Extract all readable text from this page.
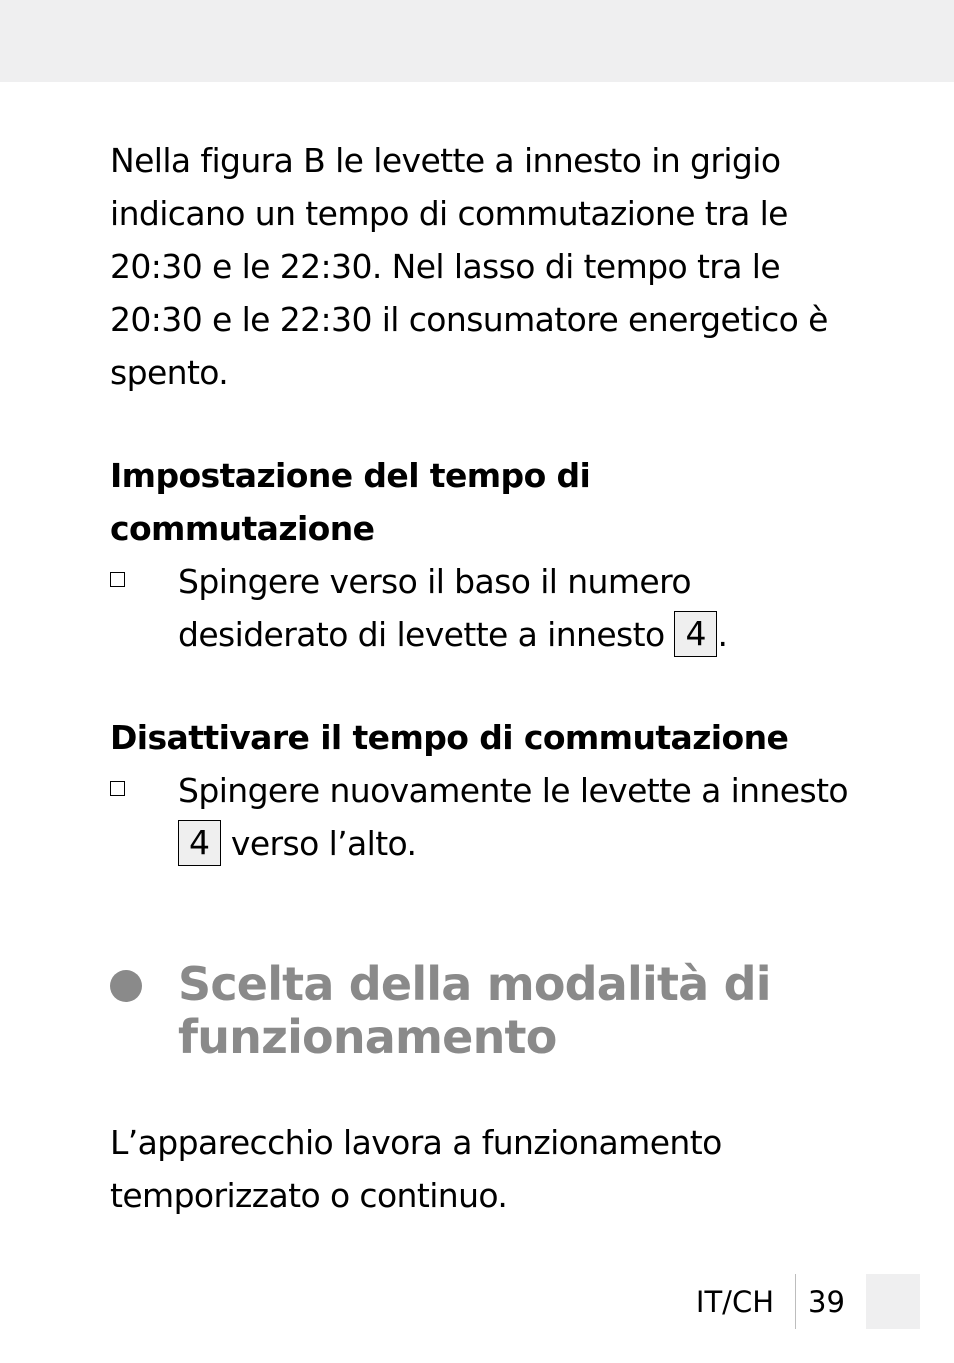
Nella figura B le levette a innesto in grigio indicano un tempo di commutazione tra le 20:30 e le 22:30. Nel lasso di tempo tra le 20:30 e le 22:30 il consumatore energetico è spento.

Impostazione del tempo di commutazione
Spingere verso il baso il numero desiderato di levette a innesto 4 .
Disattivare il tempo di commutazione
Spingere nuovamente le levette a innesto 4 verso l’alto.
Scelta della modalità di funzionamento

L’apparecchio lavora a funzionamento temporizzato o continuo.

IT/CH 39
